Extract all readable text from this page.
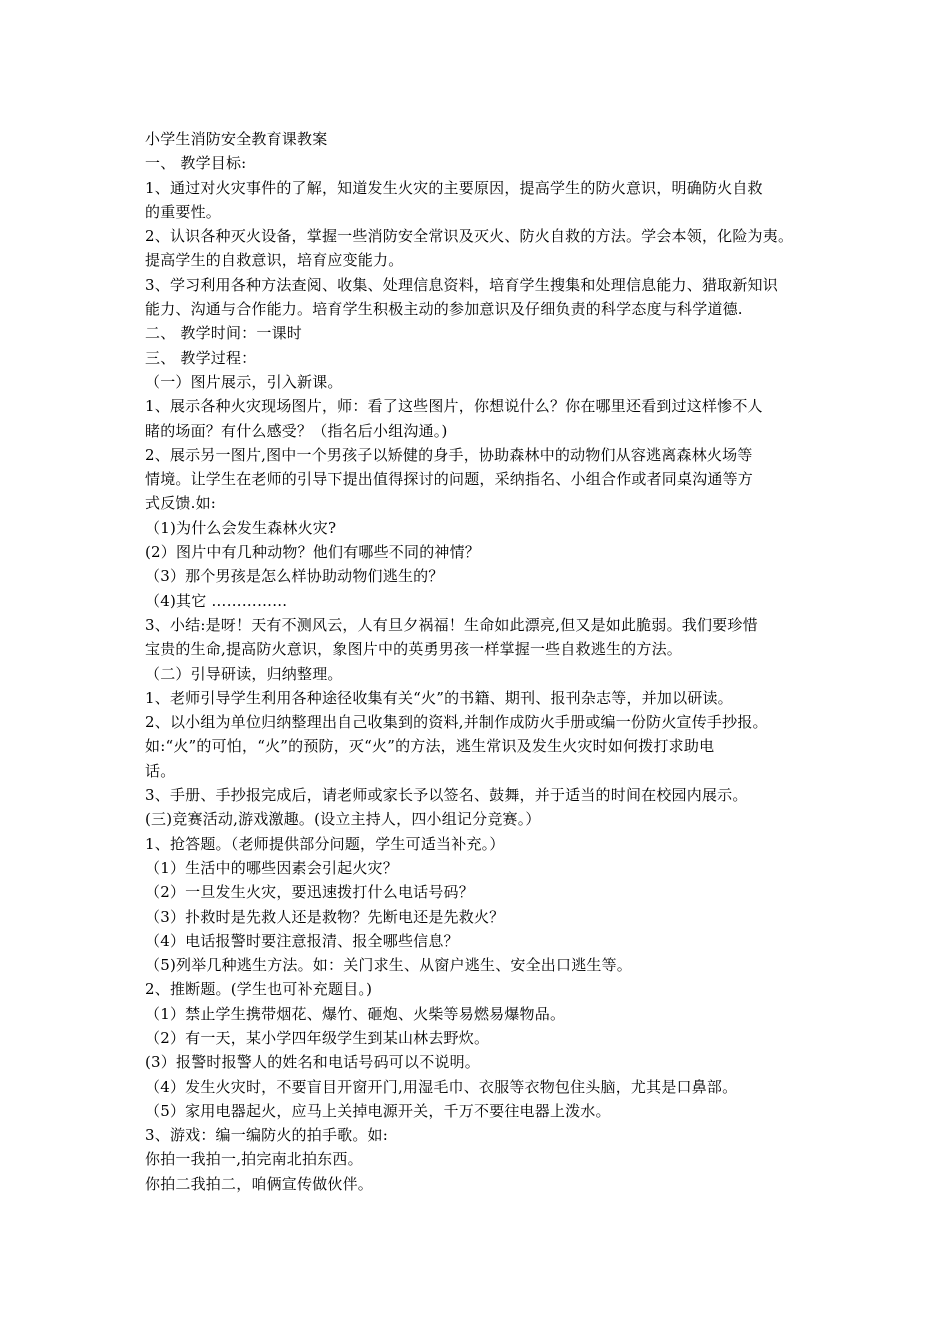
小学生消防安全教育课教案
一、 教学目标:
1、通过对火灾事件的了解，知道发生火灾的主要原因，提高学生的防火意识，明确防火自救
的重要性。
2、认识各种灭火设备，掌握一些消防安全常识及灭火、防火自救的方法。学会本领，化险为夷。
提高学生的自救意识，培育应变能力。
3、学习利用各种方法查阅、收集、处理信息资料，培育学生搜集和处理信息能力、猎取新知识
能力、沟通与合作能力。培育学生积极主动的参加意识及仔细负责的科学态度与科学道德.
二、 教学时间：一课时
三、 教学过程：
（一）图片展示，引入新课。
1、展示各种火灾现场图片，师：看了这些图片，你想说什么？你在哪里还看到过这样惨不人
睹的场面？有什么感受？（指名后小组沟通。)
2、展示另一图片,图中一个男孩子以矫健的身手，协助森林中的动物们从容逃离森林火场等
情境。让学生在老师的引导下提出值得探讨的问题，采纳指名、小组合作或者同桌沟通等方
式反馈.如:
（1)为什么会发生森林火灾?
(2）图片中有几种动物？他们有哪些不同的神情？
（3）那个男孩是怎么样协助动物们逃生的？
（4)其它 ……………
3、小结:是呀！天有不测风云，人有旦夕祸福！生命如此漂亮,但又是如此脆弱。我们要珍惜
宝贵的生命,提高防火意识，象图片中的英勇男孩一样掌握一些自救逃生的方法。
（二）引导研读，归纳整理。
1、老师引导学生利用各种途径收集有关“火”的书籍、期刊、报刊杂志等，并加以研读。
2、以小组为单位归纳整理出自己收集到的资料,并制作成防火手册或编一份防火宣传手抄报。
如:“火”的可怕，“火”的预防，灭“火”的方法，逃生常识及发生火灾时如何拨打求助电
话。
3、手册、手抄报完成后，请老师或家长予以签名、鼓舞，并于适当的时间在校园内展示。
(三)竞赛活动,游戏激趣。(设立主持人，四小组记分竞赛。）
1、抢答题。（老师提供部分问题，学生可适当补充。）
（1）生活中的哪些因素会引起火灾？
（2）一旦发生火灾，要迅速拨打什么电话号码？
（3）扑救时是先救人还是救物？先断电还是先救火？
（4）电话报警时要注意报清、报全哪些信息？
（5)列举几种逃生方法。如：关门求生、从窗户逃生、安全出口逃生等。
2、推断题。(学生也可补充题目。)
（1）禁止学生携带烟花、爆竹、砸炮、火柴等易燃易爆物品。
（2）有一天，某小学四年级学生到某山林去野炊。
(3）报警时报警人的姓名和电话号码可以不说明。
（4）发生火灾时，不要盲目开窗开门,用湿毛巾、衣服等衣物包住头脑，尤其是口鼻部。
（5）家用电器起火，应马上关掉电源开关，千万不要往电器上泼水。
3、游戏：编一编防火的拍手歌。如:
你拍一我拍一,拍完南北拍东西。
你拍二我拍二，咱俩宣传做伙伴。
